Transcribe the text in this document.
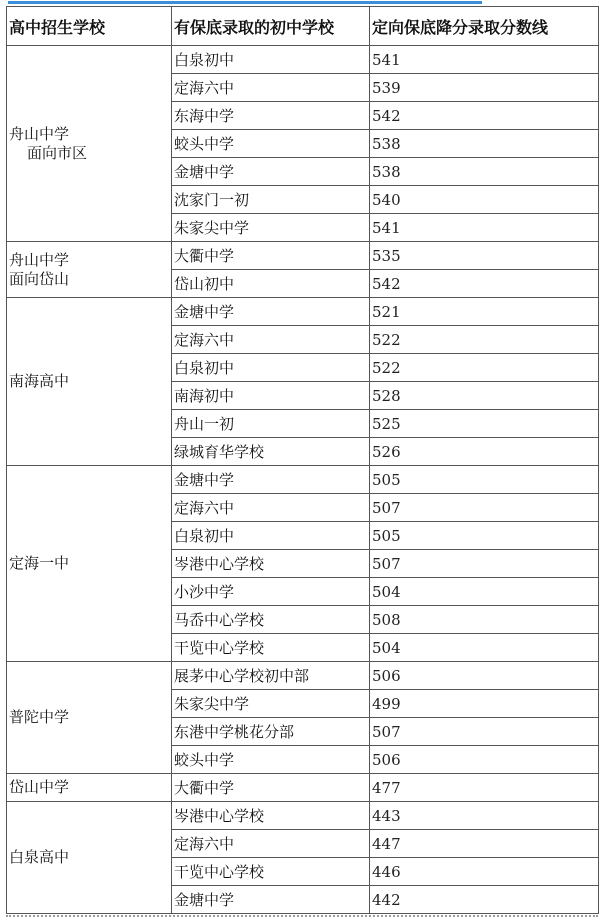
高中招生学校	有保底录取的初中学校	定向保底降分录取分数线

舟山中学
面向市区	白泉初中	541
	定海六中	539
	东海中学	542
	蛟头中学	538
	金塘中学	538
	沈家门一初	540
	朱家尖中学	541

舟山中学
面向岱山	大衢中学	535
	岱山初中	542

南海高中	金塘中学	521
	定海六中	522
	白泉初中	522
	南海初中	528
	舟山一初	525
	绿城育华学校	526

定海一中	金塘中学	505
	定海六中	507
	白泉初中	505
	岑港中心学校	507
	小沙中学	504
	马岙中心学校	508
	干览中心学校	504

普陀中学	展茅中心学校初中部	506
	朱家尖中学	499
	东港中学桃花分部	507
	蛟头中学	506

岱山中学	大衢中学	477

白泉高中	岑港中心学校	443
	定海六中	447
	干览中心学校	446
	金塘中学	442
